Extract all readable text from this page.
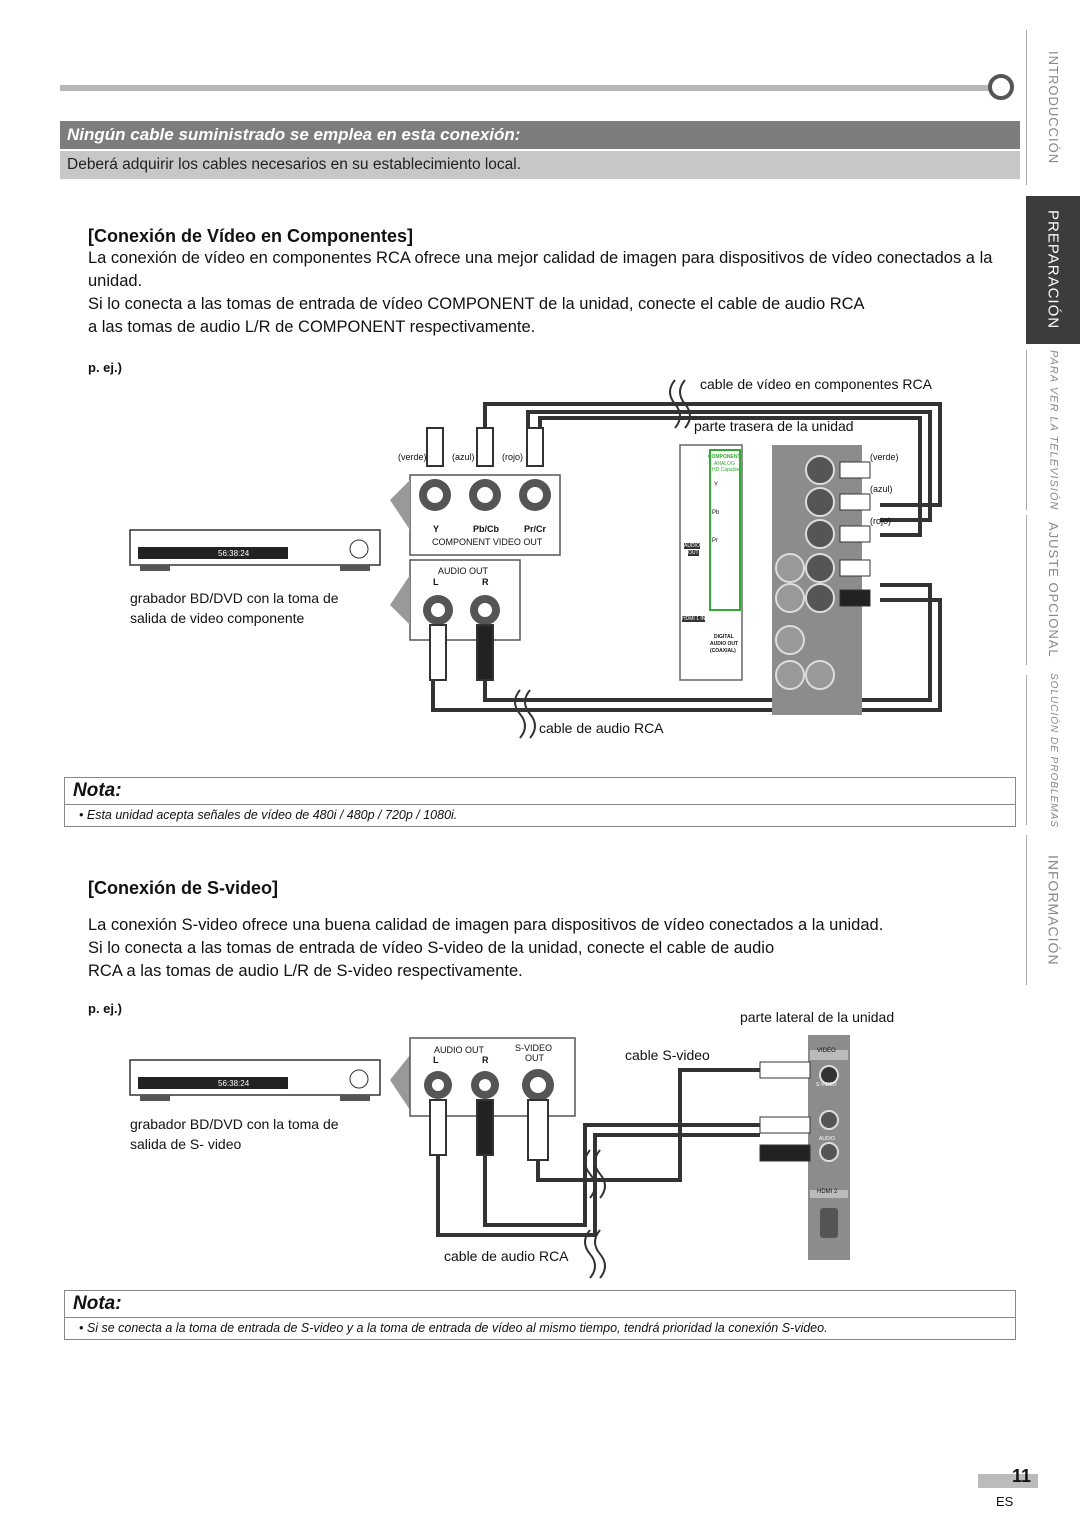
Ningún cable suministrado se emplea en esta conexión:
Deberá adquirir los cables necesarios en su establecimiento local.
INTRODUCCIÓN
PREPARACIÓN
PARA VER LA TELEVISIÓN
AJUSTE OPCIONAL
SOLUCIÓN DE PROBLEMAS
INFORMACIÓN
[Conexión de Vídeo en Componentes]
La conexión de vídeo en componentes RCA ofrece una mejor calidad de imagen para dispositivos de vídeo conectados a la unidad.
Si lo conecta a las tomas de entrada de vídeo COMPONENT de la unidad, conecte el cable de audio RCA a las tomas de audio L/R de COMPONENT respectivamente.
p. ej.)
cable de vídeo en componentes RCA
parte trasera de la unidad
(verde)	(azul)	(rojo)
Y	Pb/Cb	Pr/Cr
COMPONENT VIDEO OUT
AUDIO OUT
L	R
grabador BD/DVD con la toma de salida de video componente
cable de audio RCA
(verde)
(azul)
(rojo)
56:38:24
COMPONENT
ANALOG
HD Capable
Y
Pb
Pr
AUDIO
OUT
HDMI 1 IN
DIGITAL
AUDIO OUT
(COAXIAL)
Nota:
• Esta unidad acepta señales de vídeo de 480i / 480p / 720p / 1080i.
[Conexión de S-video]
La conexión S-video ofrece una buena calidad de imagen para dispositivos de vídeo conectados a la unidad.
Si lo conecta a las tomas de entrada de vídeo S-video de la unidad, conecte el cable de audio RCA a las tomas de audio L/R de S-video respectivamente.
p. ej.)
parte lateral de la unidad
cable S-video
AUDIO OUT
L	R
S-VIDEO
OUT
grabador BD/DVD con la toma de salida de S- video
cable de audio RCA
56:38:24
VIDEO
S-VIDEO
AUDIO
HDMI 2
Nota:
• Si se conecta a la toma de entrada de S-video y a la toma de entrada de vídeo al mismo tiempo, tendrá prioridad la conexión S-video.
11
ES
